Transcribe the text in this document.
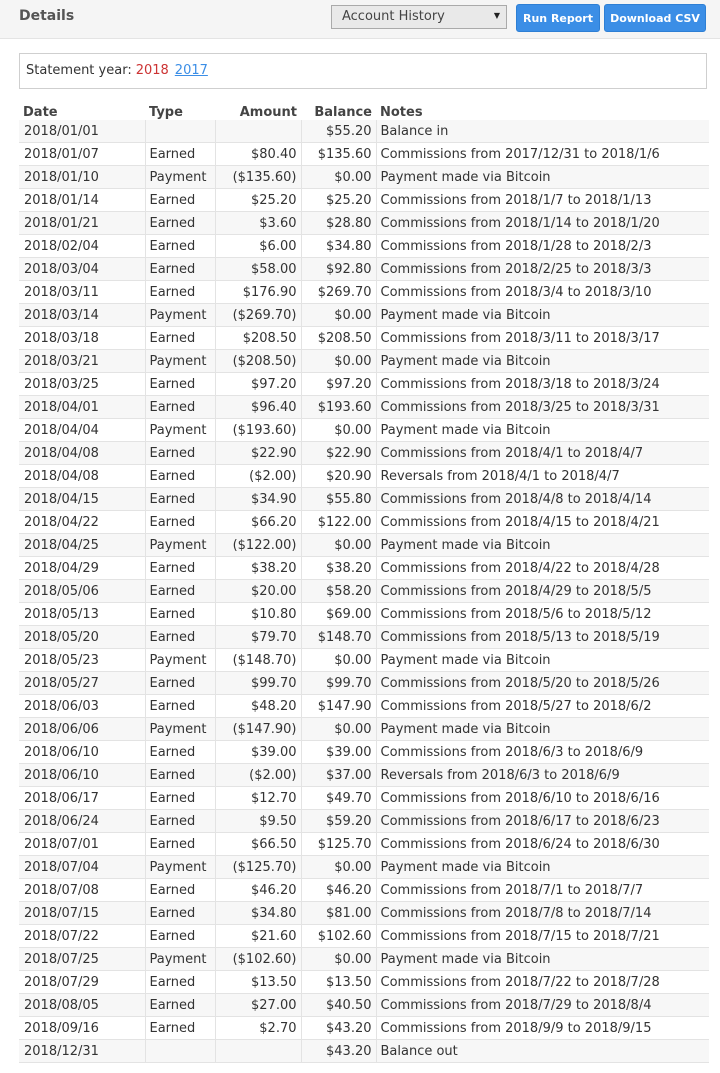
Details	Account History	▼	Run Report	Download CSV
Statement year: 2018 2017
Date	Type	Amount	Balance	Notes
2018/01/01			$55.20	Balance in
2018/01/07	Earned	$80.40	$135.60	Commissions from 2017/12/31 to 2018/1/6
2018/01/10	Payment	($135.60)	$0.00	Payment made via Bitcoin
2018/01/14	Earned	$25.20	$25.20	Commissions from 2018/1/7 to 2018/1/13
2018/01/21	Earned	$3.60	$28.80	Commissions from 2018/1/14 to 2018/1/20
2018/02/04	Earned	$6.00	$34.80	Commissions from 2018/1/28 to 2018/2/3
2018/03/04	Earned	$58.00	$92.80	Commissions from 2018/2/25 to 2018/3/3
2018/03/11	Earned	$176.90	$269.70	Commissions from 2018/3/4 to 2018/3/10
2018/03/14	Payment	($269.70)	$0.00	Payment made via Bitcoin
2018/03/18	Earned	$208.50	$208.50	Commissions from 2018/3/11 to 2018/3/17
2018/03/21	Payment	($208.50)	$0.00	Payment made via Bitcoin
2018/03/25	Earned	$97.20	$97.20	Commissions from 2018/3/18 to 2018/3/24
2018/04/01	Earned	$96.40	$193.60	Commissions from 2018/3/25 to 2018/3/31
2018/04/04	Payment	($193.60)	$0.00	Payment made via Bitcoin
2018/04/08	Earned	$22.90	$22.90	Commissions from 2018/4/1 to 2018/4/7
2018/04/08	Earned	($2.00)	$20.90	Reversals from 2018/4/1 to 2018/4/7
2018/04/15	Earned	$34.90	$55.80	Commissions from 2018/4/8 to 2018/4/14
2018/04/22	Earned	$66.20	$122.00	Commissions from 2018/4/15 to 2018/4/21
2018/04/25	Payment	($122.00)	$0.00	Payment made via Bitcoin
2018/04/29	Earned	$38.20	$38.20	Commissions from 2018/4/22 to 2018/4/28
2018/05/06	Earned	$20.00	$58.20	Commissions from 2018/4/29 to 2018/5/5
2018/05/13	Earned	$10.80	$69.00	Commissions from 2018/5/6 to 2018/5/12
2018/05/20	Earned	$79.70	$148.70	Commissions from 2018/5/13 to 2018/5/19
2018/05/23	Payment	($148.70)	$0.00	Payment made via Bitcoin
2018/05/27	Earned	$99.70	$99.70	Commissions from 2018/5/20 to 2018/5/26
2018/06/03	Earned	$48.20	$147.90	Commissions from 2018/5/27 to 2018/6/2
2018/06/06	Payment	($147.90)	$0.00	Payment made via Bitcoin
2018/06/10	Earned	$39.00	$39.00	Commissions from 2018/6/3 to 2018/6/9
2018/06/10	Earned	($2.00)	$37.00	Reversals from 2018/6/3 to 2018/6/9
2018/06/17	Earned	$12.70	$49.70	Commissions from 2018/6/10 to 2018/6/16
2018/06/24	Earned	$9.50	$59.20	Commissions from 2018/6/17 to 2018/6/23
2018/07/01	Earned	$66.50	$125.70	Commissions from 2018/6/24 to 2018/6/30
2018/07/04	Payment	($125.70)	$0.00	Payment made via Bitcoin
2018/07/08	Earned	$46.20	$46.20	Commissions from 2018/7/1 to 2018/7/7
2018/07/15	Earned	$34.80	$81.00	Commissions from 2018/7/8 to 2018/7/14
2018/07/22	Earned	$21.60	$102.60	Commissions from 2018/7/15 to 2018/7/21
2018/07/25	Payment	($102.60)	$0.00	Payment made via Bitcoin
2018/07/29	Earned	$13.50	$13.50	Commissions from 2018/7/22 to 2018/7/28
2018/08/05	Earned	$27.00	$40.50	Commissions from 2018/7/29 to 2018/8/4
2018/09/16	Earned	$2.70	$43.20	Commissions from 2018/9/9 to 2018/9/15
2018/12/31			$43.20	Balance out
